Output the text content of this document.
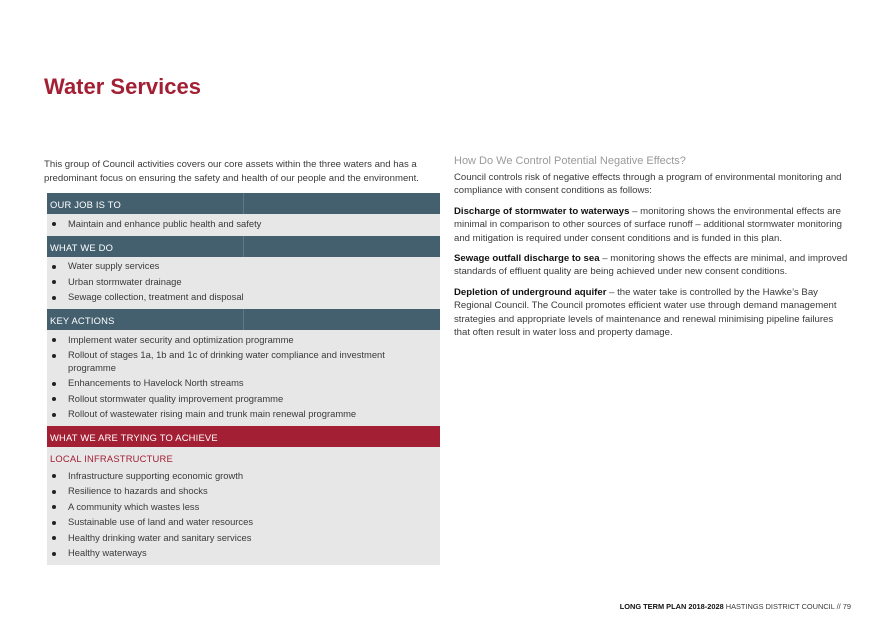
Water Services

This group of Council activities covers our core assets within the three waters and has a predominant focus on ensuring the safety and health of our people and the environment.

OUR JOB IS TO
Maintain and enhance public health and safety
WHAT WE DO
Water supply services
Urban stormwater drainage
Sewage collection, treatment and disposal
KEY ACTIONS
Implement water security and optimization programme
Rollout of stages 1a, 1b and 1c of drinking water compliance and investment programme
Enhancements to Havelock North streams
Rollout stormwater quality improvement programme
Rollout of wastewater rising main and trunk main renewal programme
WHAT WE ARE TRYING TO ACHIEVE
LOCAL INFRASTRUCTURE
Infrastructure supporting economic growth
Resilience to hazards and shocks
A community which wastes less
Sustainable use of land and water resources
Healthy drinking water and sanitary services
Healthy waterways
How Do We Control Potential Negative Effects?

Council controls risk of negative effects through a program of environmental monitoring and compliance with consent conditions as follows:

Discharge of stormwater to waterways – monitoring shows the environmental effects are minimal in comparison to other sources of surface runoff – additional stormwater monitoring and mitigation is required under consent conditions and is funded in this plan.

Sewage outfall discharge to sea – monitoring shows the effects are minimal, and improved standards of effluent quality are being achieved under new consent conditions.

Depletion of underground aquifer – the water take is controlled by the Hawke’s Bay Regional Council. The Council promotes efficient water use through demand management strategies and appropriate levels of maintenance and renewal minimising pipeline failures that often result in water loss and property damage.

LONG TERM PLAN 2018-2028 HASTINGS DISTRICT COUNCIL // 79
